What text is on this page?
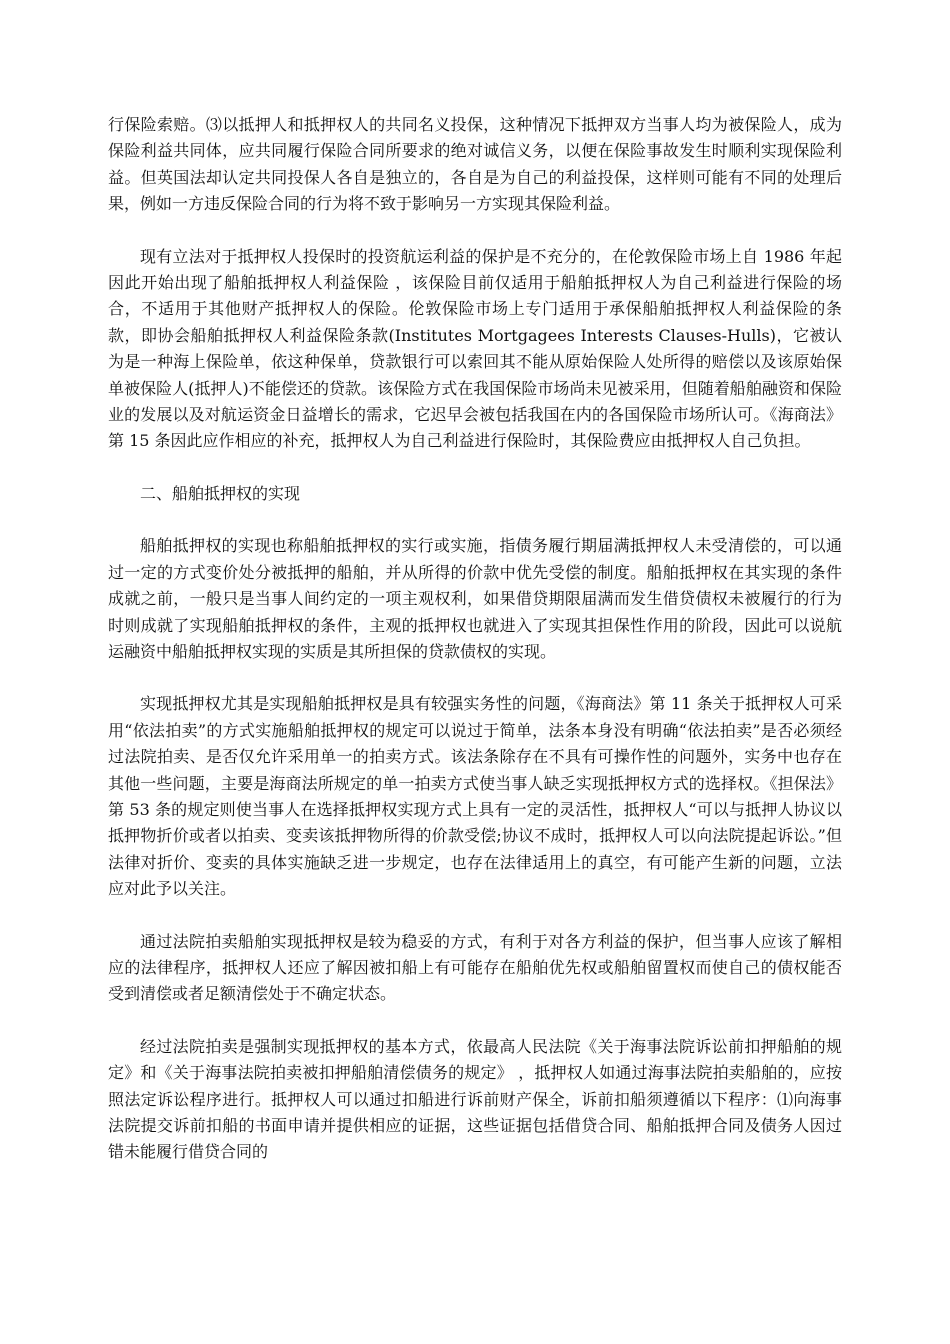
行保险索赔。⑶以抵押人和抵押权人的共同名义投保，这种情况下抵押双方当事人均为被保险人，成为保险利益共同体，应共同履行保险合同所要求的绝对诚信义务，以便在保险事故发生时顺利实现保险利益。但英国法却认定共同投保人各自是独立的，各自是为自己的利益投保，这样则可能有不同的处理后果，例如一方违反保险合同的行为将不致于影响另一方实现其保险利益。

现有立法对于抵押权人投保时的投资航运利益的保护是不充分的，在伦敦保险市场上自 1986 年起因此开始出现了船舶抵押权人利益保险 ，该保险目前仅适用于船舶抵押权人为自己利益进行保险的场合，不适用于其他财产抵押权人的保险。伦敦保险市场上专门适用于承保船舶抵押权人利益保险的条款，即协会船舶抵押权人利益保险条款(Institutes Mortgagees Interests Clauses-Hulls)，它被认为是一种海上保险单，依这种保单，贷款银行可以索回其不能从原始保险人处所得的赔偿以及该原始保单被保险人(抵押人)不能偿还的贷款。该保险方式在我国保险市场尚未见被采用，但随着船舶融资和保险业的发展以及对航运资金日益增长的需求，它迟早会被包括我国在内的各国保险市场所认可。《海商法》第 15 条因此应作相应的补充，抵押权人为自己利益进行保险时，其保险费应由抵押权人自己负担。

二、船舶抵押权的实现

船舶抵押权的实现也称船舶抵押权的实行或实施，指债务履行期届满抵押权人未受清偿的，可以通过一定的方式变价处分被抵押的船舶，并从所得的价款中优先受偿的制度。船舶抵押权在其实现的条件成就之前，一般只是当事人间约定的一项主观权利，如果借贷期限届满而发生借贷债权未被履行的行为时则成就了实现船舶抵押权的条件，主观的抵押权也就进入了实现其担保性作用的阶段，因此可以说航运融资中船舶抵押权实现的实质是其所担保的贷款债权的实现。

实现抵押权尤其是实现船舶抵押权是具有较强实务性的问题，《海商法》第 11 条关于抵押权人可采用“依法拍卖”的方式实施船舶抵押权的规定可以说过于简单，法条本身没有明确“依法拍卖”是否必须经过法院拍卖、是否仅允许采用单一的拍卖方式。该法条除存在不具有可操作性的问题外，实务中也存在其他一些问题，主要是海商法所规定的单一拍卖方式使当事人缺乏实现抵押权方式的选择权。《担保法》第 53 条的规定则使当事人在选择抵押权实现方式上具有一定的灵活性，抵押权人“可以与抵押人协议以抵押物折价或者以拍卖、变卖该抵押物所得的价款受偿;协议不成时，抵押权人可以向法院提起诉讼。”但法律对折价、变卖的具体实施缺乏进一步规定，也存在法律适用上的真空，有可能产生新的问题，立法应对此予以关注。

通过法院拍卖船舶实现抵押权是较为稳妥的方式，有利于对各方利益的保护，但当事人应该了解相应的法律程序，抵押权人还应了解因被扣船上有可能存在船舶优先权或船舶留置权而使自己的债权能否受到清偿或者足额清偿处于不确定状态。

经过法院拍卖是强制实现抵押权的基本方式，依最高人民法院《关于海事法院诉讼前扣押船舶的规定》和《关于海事法院拍卖被扣押船舶清偿债务的规定》 ，抵押权人如通过海事法院拍卖船舶的，应按照法定诉讼程序进行。抵押权人可以通过扣船进行诉前财产保全，诉前扣船须遵循以下程序：⑴向海事法院提交诉前扣船的书面申请并提供相应的证据，这些证据包括借贷合同、船舶抵押合同及债务人因过错未能履行借贷合同的
